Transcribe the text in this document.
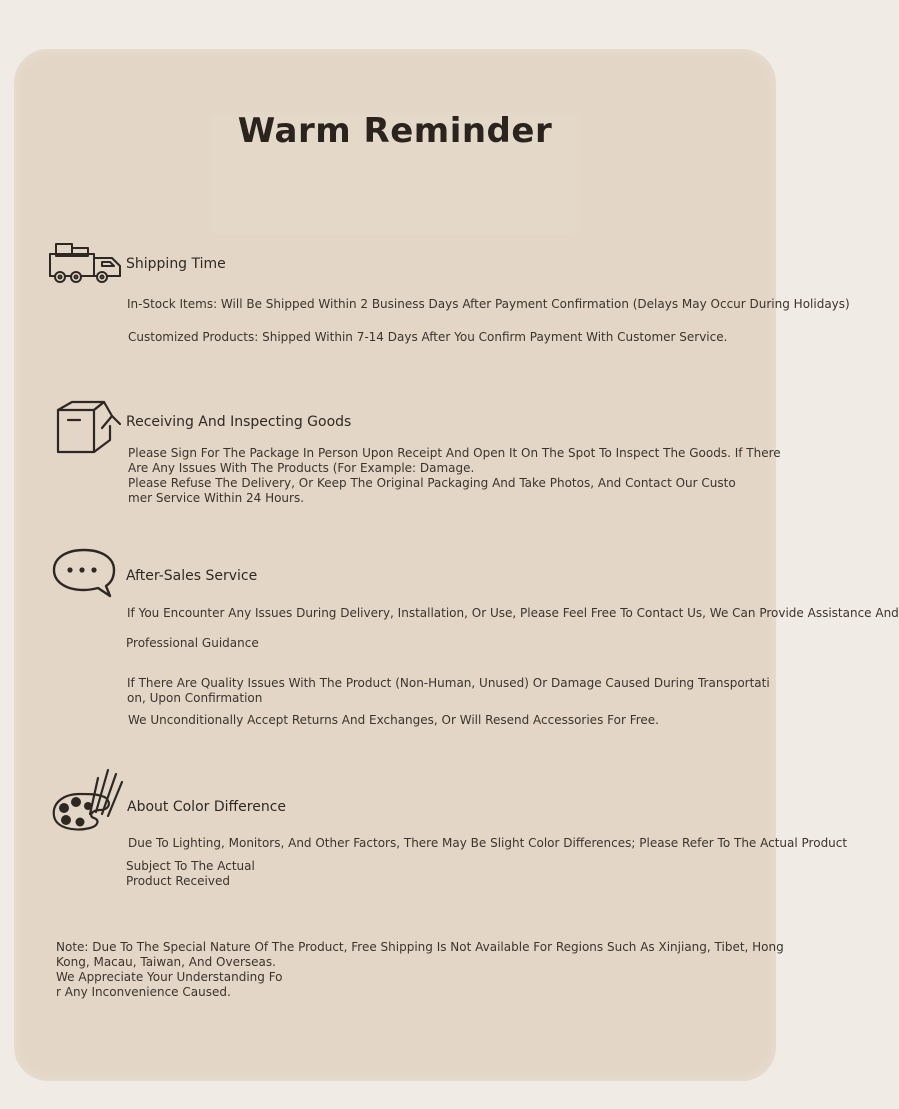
Warm Reminder
Shipping Time
In-Stock Items: Will Be Shipped Within 2 Business Days After Payment Confirmation (Delays May Occur During Holidays)
Customized Products: Shipped Within 7-14 Days After You Confirm Payment With Customer Service.
Receiving And Inspecting Goods
Please Sign For The Package In Person Upon Receipt And Open It On The Spot To Inspect The Goods. If There
Are Any Issues With The Products (For Example: Damage.
Please Refuse The Delivery, Or Keep The Original Packaging And Take Photos, And Contact Our Custo
mer Service Within 24 Hours.
After-Sales Service
If You Encounter Any Issues During Delivery, Installation, Or Use, Please Feel Free To Contact Us, We Can Provide Assistance And
Professional Guidance
If There Are Quality Issues With The Product (Non-Human, Unused) Or Damage Caused During Transportati
on, Upon Confirmation
We Unconditionally Accept Returns And Exchanges, Or Will Resend Accessories For Free.
About Color Difference
Due To Lighting, Monitors, And Other Factors, There May Be Slight Color Differences; Please Refer To The Actual Product
Subject To The Actual
Product Received
Note: Due To The Special Nature Of The Product, Free Shipping Is Not Available For Regions Such As Xinjiang, Tibet, Hong
Kong, Macau, Taiwan, And Overseas.
We Appreciate Your Understanding Fo
r Any Inconvenience Caused.
